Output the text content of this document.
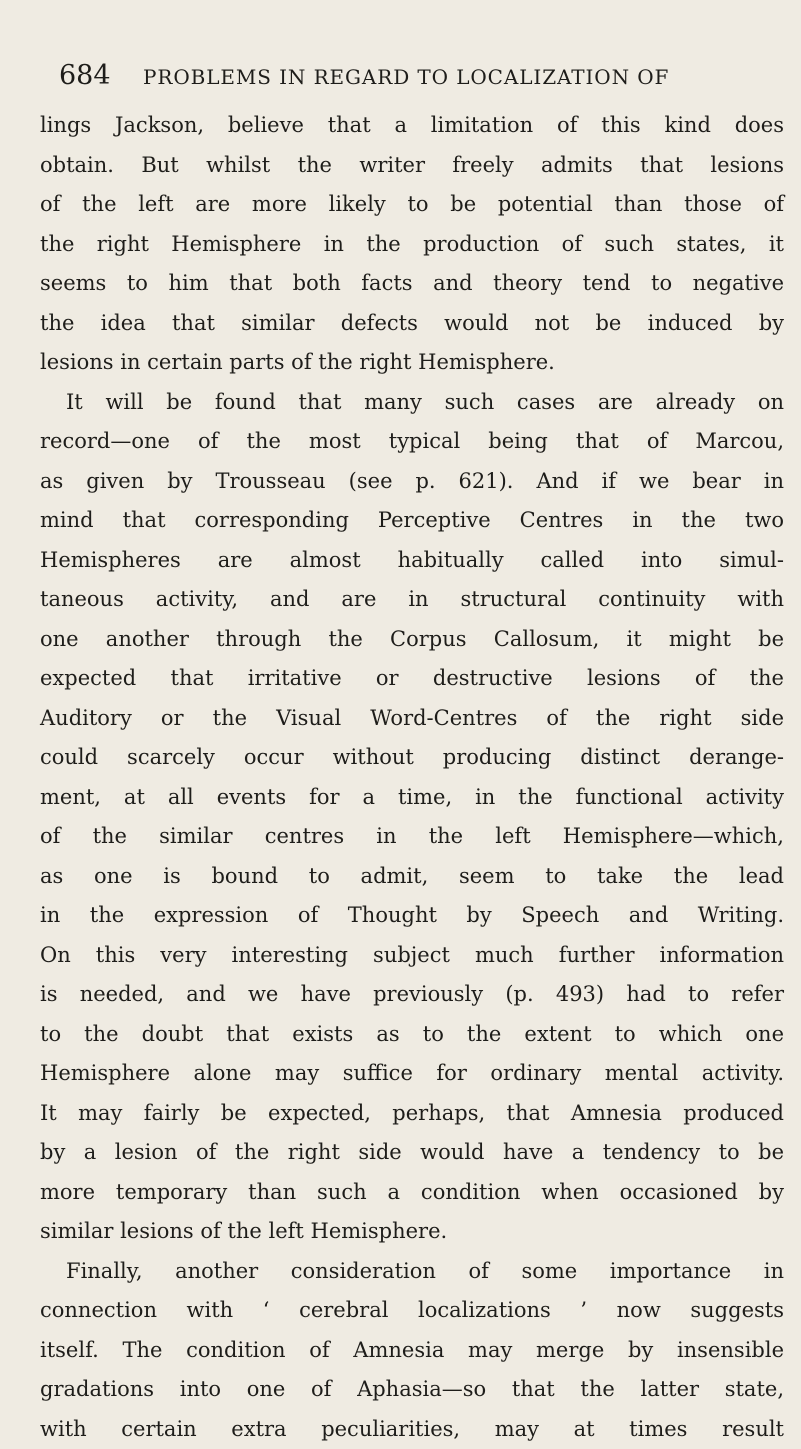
684 PROBLEMS IN REGARD TO LOCALIZATION OF
lings Jackson, believe that a limitation of this kind does
obtain. But whilst the writer freely admits that lesions
of the left are more likely to be potential than those of
the right Hemisphere in the production of such states, it
seems to him that both facts and theory tend to negative
the idea that similar defects would not be induced by
lesions in certain parts of the right Hemisphere.
It will be found that many such cases are already on
record—one of the most typical being that of Marcou,
as given by Trousseau (see p. 621). And if we bear in
mind that corresponding Perceptive Centres in the two
Hemispheres are almost habitually called into simul-
taneous activity, and are in structural continuity with
one another through the Corpus Callosum, it might be
expected that irritative or destructive lesions of the
Auditory or the Visual Word-Centres of the right side
could scarcely occur without producing distinct derange-
ment, at all events for a time, in the functional activity
of the similar centres in the left Hemisphere—which,
as one is bound to admit, seem to take the lead
in the expression of Thought by Speech and Writing.
On this very interesting subject much further information
is needed, and we have previously (p. 493) had to refer
to the doubt that exists as to the extent to which one
Hemisphere alone may suffice for ordinary mental activity.
It may fairly be expected, perhaps, that Amnesia produced
by a lesion of the right side would have a tendency to be
more temporary than such a condition when occasioned by
similar lesions of the left Hemisphere.
Finally, another consideration of some importance in
connection with ‘ cerebral localizations ’ now suggests
itself. The condition of Amnesia may merge by insensible
gradations into one of Aphasia—so that the latter state,
with certain extra peculiarities, may at times result
